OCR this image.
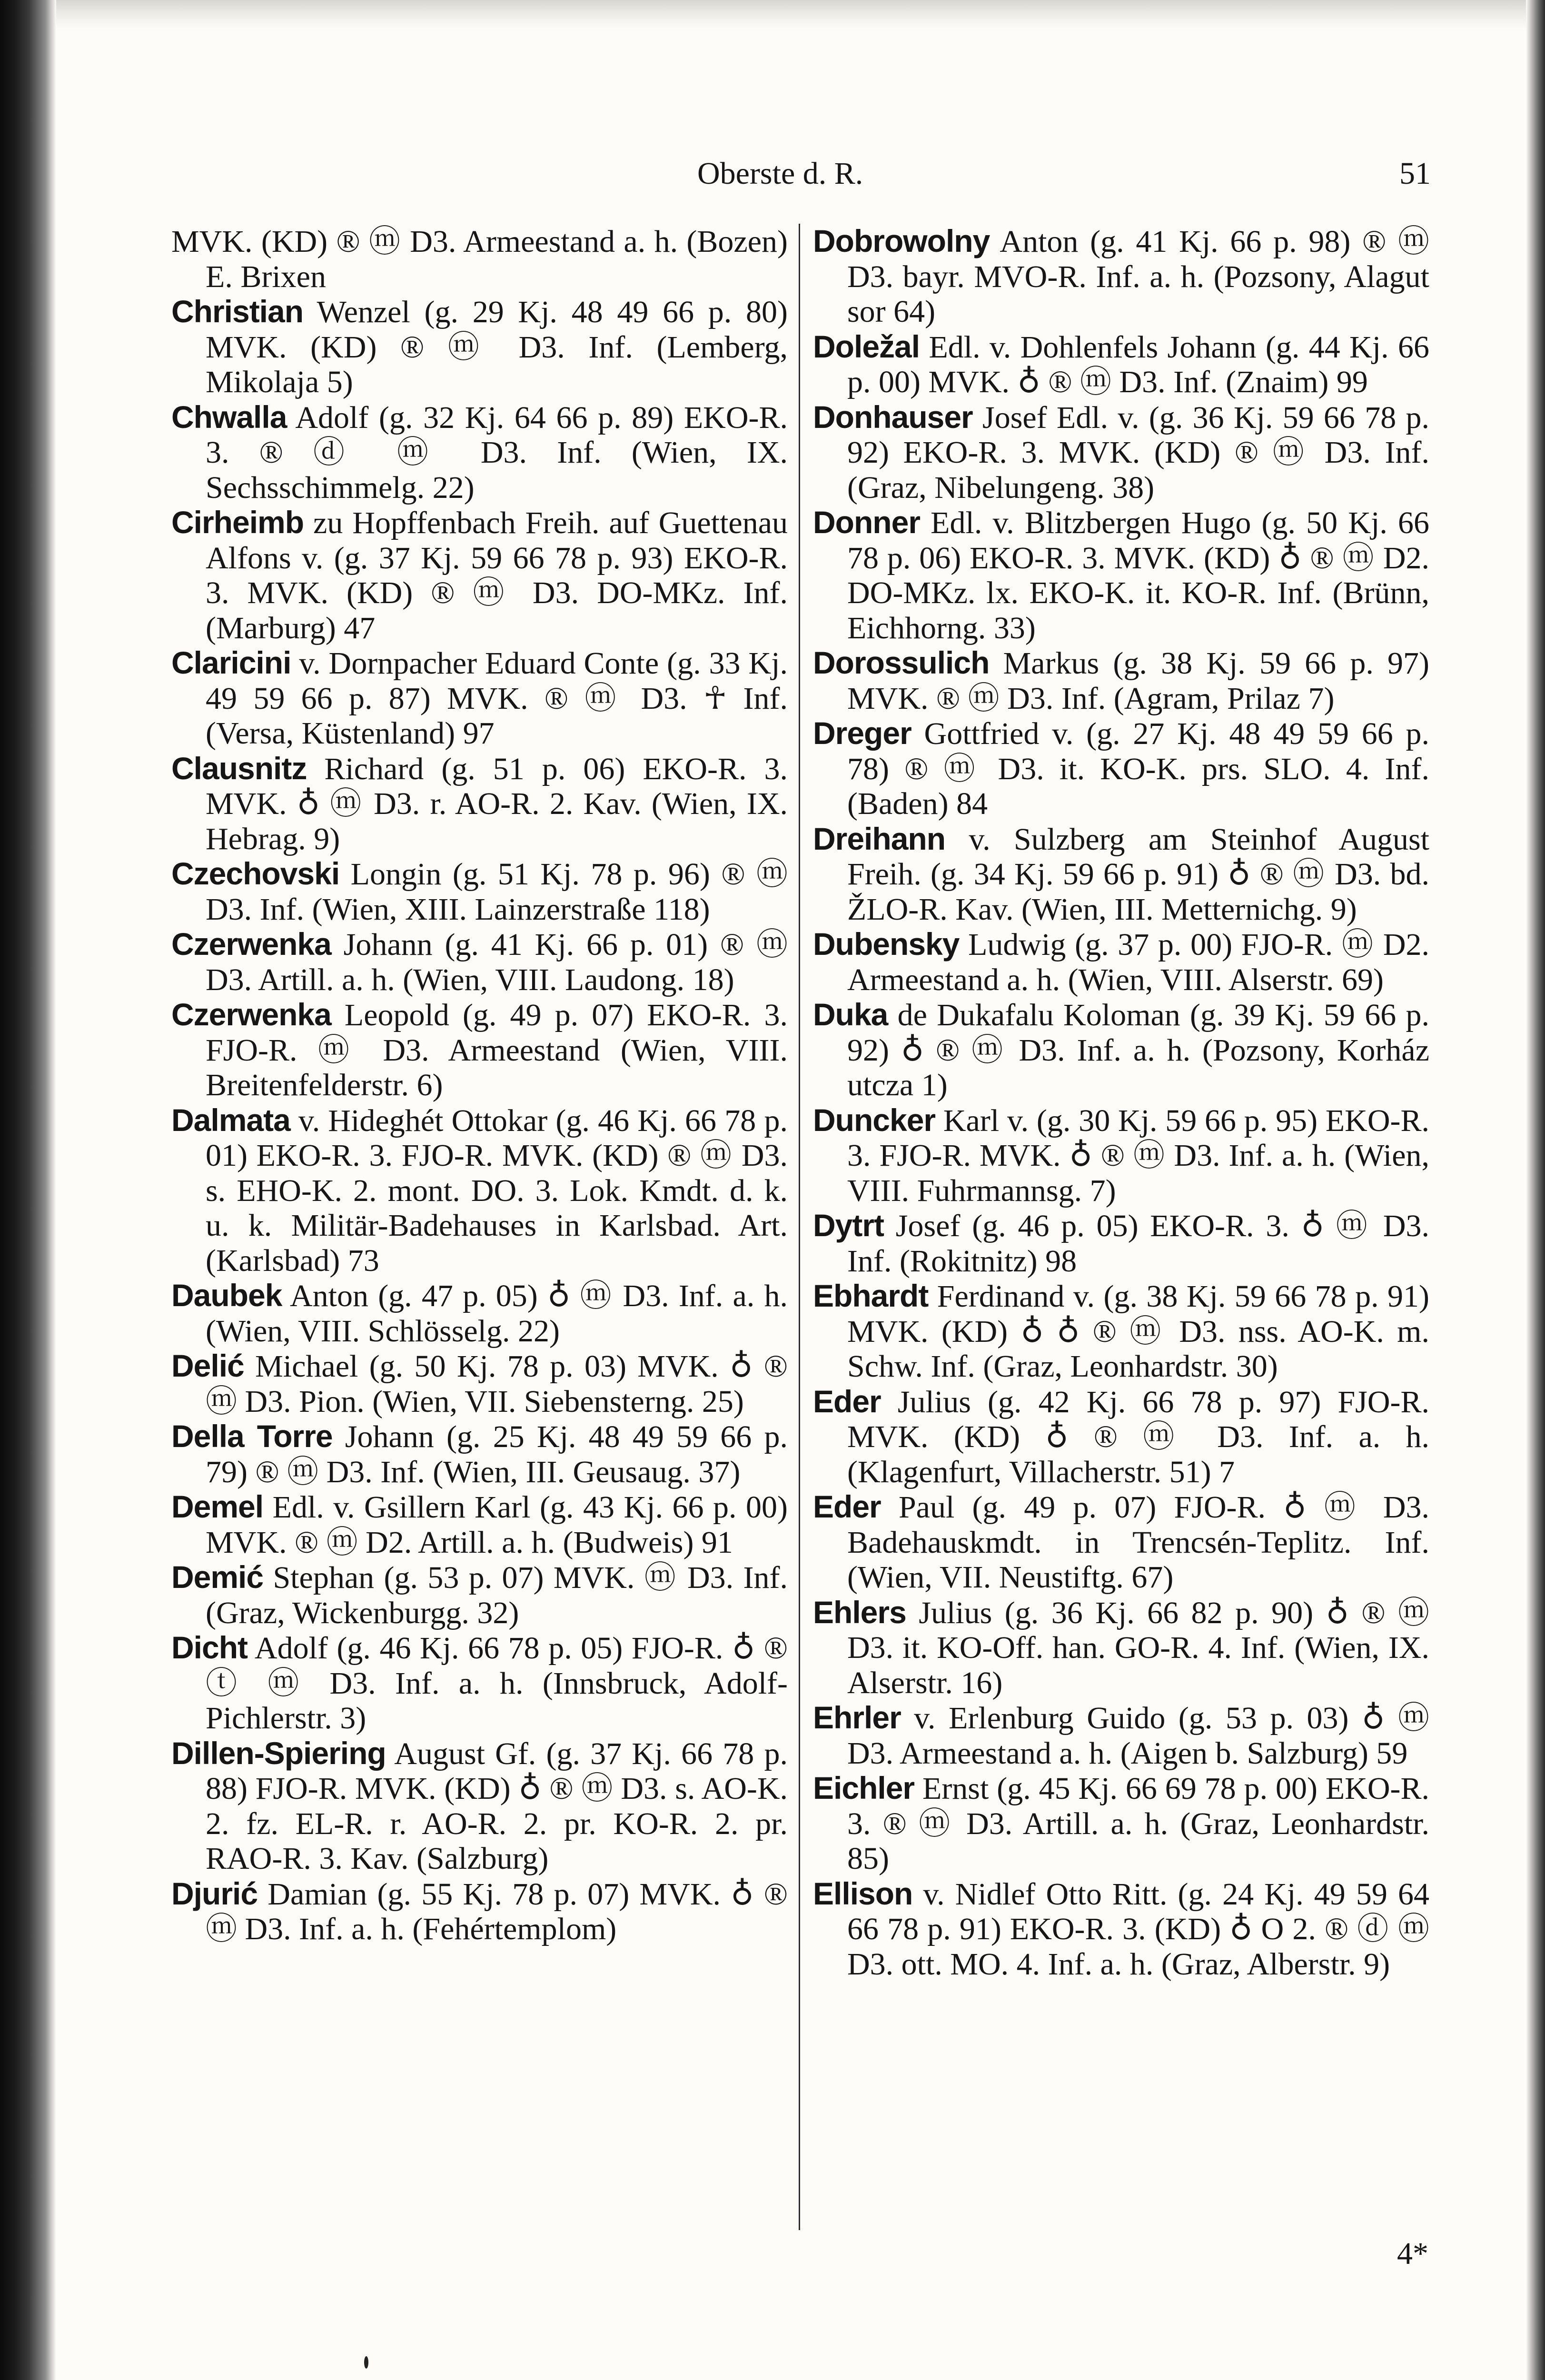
Oberste d. R.	51

MVK. (KD) ® ⓜ D3. Armeestand a. h. (Bozen) E. Brixen

Christian Wenzel (g. 29 Kj. 48 49 66 p. 80) MVK. (KD) ® ⓜ D3. Inf. (Lemberg, Mikolaja 5)

Chwalla Adolf (g. 32 Kj. 64 66 p. 89) EKO-R. 3. ® ⓓ ⓜ D3. Inf. (Wien, IX. Sechsschimmelg. 22)

Cirheimb zu Hopffenbach Freih. auf Guettenau Alfons v. (g. 37 Kj. 59 66 78 p. 93) EKO-R. 3. MVK. (KD) ® ⓜ D3. DO-MKz. Inf. (Marburg) 47

Claricini v. Dornpacher Eduard Conte (g. 33 Kj. 49 59 66 p. 87) MVK. ® ⓜ D3. ☥ Inf. (Versa, Küstenland) 97

Clausnitz Richard (g. 51 p. 06) EKO-R. 3. MVK. ♁ ⓜ D3. r. AO-R. 2. Kav. (Wien, IX. Hebrag. 9)

Czechovski Longin (g. 51 Kj. 78 p. 96) ® ⓜ D3. Inf. (Wien, XIII. Lainzerstraße 118)

Czerwenka Johann (g. 41 Kj. 66 p. 01) ® ⓜ D3. Artill. a. h. (Wien, VIII. Laudong. 18)

Czerwenka Leopold (g. 49 p. 07) EKO-R. 3. FJO-R. ⓜ D3. Armeestand (Wien, VIII. Breitenfelderstr. 6)

Dalmata v. Hideghét Ottokar (g. 46 Kj. 66 78 p. 01) EKO-R. 3. FJO-R. MVK. (KD) ® ⓜ D3. s. EHO-K. 2. mont. DO. 3. Lok. Kmdt. d. k. u. k. Militär-Badehauses in Karlsbad. Art. (Karlsbad) 73

Daubek Anton (g. 47 p. 05) ♁ ⓜ D3. Inf. a. h. (Wien, VIII. Schlösselg. 22)

Delić Michael (g. 50 Kj. 78 p. 03) MVK. ♁ ® ⓜ D3. Pion. (Wien, VII. Siebensterng. 25)

Della Torre Johann (g. 25 Kj. 48 49 59 66 p. 79) ® ⓜ D3. Inf. (Wien, III. Geusaug. 37)

Demel Edl. v. Gsillern Karl (g. 43 Kj. 66 p. 00) MVK. ® ⓜ D2. Artill. a. h. (Budweis) 91

Demić Stephan (g. 53 p. 07) MVK. ⓜ D3. Inf. (Graz, Wickenburgg. 32)

Dicht Adolf (g. 46 Kj. 66 78 p. 05) FJO-R. ♁ ® ⓣ ⓜ D3. Inf. a. h. (Innsbruck, Adolf-Pichlerstr. 3)

Dillen-Spiering August Gf. (g. 37 Kj. 66 78 p. 88) FJO-R. MVK. (KD) ♁ ® ⓜ D3. s. AO-K. 2. fz. EL-R. r. AO-R. 2. pr. KO-R. 2. pr. RAO-R. 3. Kav. (Salzburg)

Djurić Damian (g. 55 Kj. 78 p. 07) MVK. ♁ ® ⓜ D3. Inf. a. h. (Fehértemplom)

Dobrowolny Anton (g. 41 Kj. 66 p. 98) ® ⓜ D3. bayr. MVO-R. Inf. a. h. (Pozsony, Alagut sor 64)

Doležal Edl. v. Dohlenfels Johann (g. 44 Kj. 66 p. 00) MVK. ♁ ® ⓜ D3. Inf. (Znaim) 99

Donhauser Josef Edl. v. (g. 36 Kj. 59 66 78 p. 92) EKO-R. 3. MVK. (KD) ® ⓜ D3. Inf. (Graz, Nibelungeng. 38)

Donner Edl. v. Blitzbergen Hugo (g. 50 Kj. 66 78 p. 06) EKO-R. 3. MVK. (KD) ♁ ® ⓜ D2. DO-MKz. lx. EKO-K. it. KO-R. Inf. (Brünn, Eichhorng. 33)

Dorossulich Markus (g. 38 Kj. 59 66 p. 97) MVK. ® ⓜ D3. Inf. (Agram, Prilaz 7)

Dreger Gottfried v. (g. 27 Kj. 48 49 59 66 p. 78) ® ⓜ D3. it. KO-K. prs. SLO. 4. Inf. (Baden) 84

Dreihann v. Sulzberg am Steinhof August Freih. (g. 34 Kj. 59 66 p. 91) ♁ ® ⓜ D3. bd. ŽLO-R. Kav. (Wien, III. Metternichg. 9)

Dubensky Ludwig (g. 37 p. 00) FJO-R. ⓜ D2. Armeestand a. h. (Wien, VIII. Alserstr. 69)

Duka de Dukafalu Koloman (g. 39 Kj. 59 66 p. 92) ♁ ® ⓜ D3. Inf. a. h. (Pozsony, Korház utcza 1)

Duncker Karl v. (g. 30 Kj. 59 66 p. 95) EKO-R. 3. FJO-R. MVK. ♁ ® ⓜ D3. Inf. a. h. (Wien, VIII. Fuhrmannsg. 7)

Dytrt Josef (g. 46 p. 05) EKO-R. 3. ♁ ⓜ D3. Inf. (Rokitnitz) 98

Ebhardt Ferdinand v. (g. 38 Kj. 59 66 78 p. 91) MVK. (KD) ♁ ♁ ® ⓜ D3. nss. AO-K. m. Schw. Inf. (Graz, Leonhardstr. 30)

Eder Julius (g. 42 Kj. 66 78 p. 97) FJO-R. MVK. (KD) ♁ ® ⓜ D3. Inf. a. h. (Klagenfurt, Villacherstr. 51) 7

Eder Paul (g. 49 p. 07) FJO-R. ♁ ⓜ D3. Badehauskmdt. in Trencsén-Teplitz. Inf. (Wien, VII. Neustiftg. 67)

Ehlers Julius (g. 36 Kj. 66 82 p. 90) ♁ ® ⓜ D3. it. KO-Off. han. GO-R. 4. Inf. (Wien, IX. Alserstr. 16)

Ehrler v. Erlenburg Guido (g. 53 p. 03) ♁ ⓜ D3. Armeestand a. h. (Aigen b. Salzburg) 59

Eichler Ernst (g. 45 Kj. 66 69 78 p. 00) EKO-R. 3. ® ⓜ D3. Artill. a. h. (Graz, Leonhardstr. 85)

Ellison v. Nidlef Otto Ritt. (g. 24 Kj. 49 59 64 66 78 p. 91) EKO-R. 3. (KD) ♁ O 2. ® ⓓ ⓜ D3. ott. MO. 4. Inf. a. h. (Graz, Alberstr. 9)

4*
